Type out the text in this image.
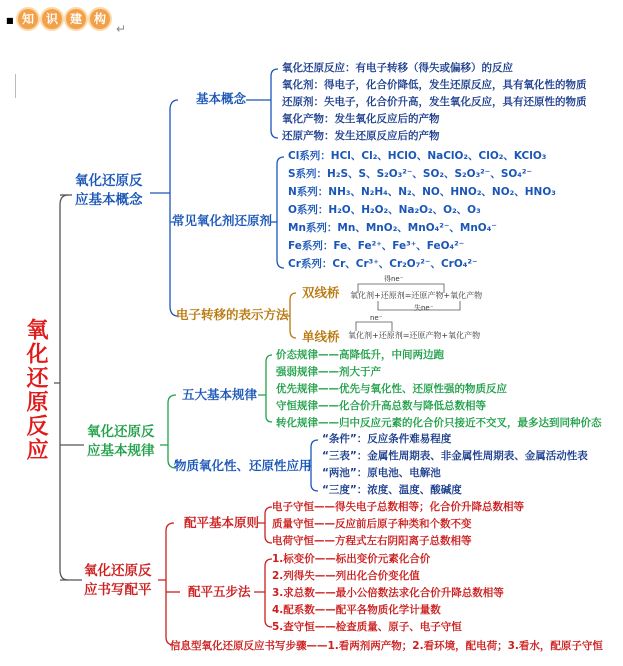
■ 知 识 建 构
↵
氧化还原反应
氧化还原反
应基本概念
基本概念
氧化还原反应：有电子转移（得失或偏移）的反应
氧化剂：得电子，化合价降低，发生还原反应，具有氧化性的物质
还原剂：失电子，化合价升高，发生氧化反应，具有还原性的物质
氧化产物：发生氧化反应后的产物
还原产物：发生还原反应后的产物
常见氧化剂还原剂
Cl系列：HCl、Cl₂、HClO、NaClO₂、ClO₂、KClO₃
S系列：H₂S、S、S₂O₃²⁻、SO₂、S₂O₃²⁻、SO₄²⁻
N系列：NH₃、N₂H₄、N₂、NO、HNO₂、NO₂、HNO₃
O系列：H₂O、H₂O₂、Na₂O₂、O₂、O₃
Mn系列：Mn、MnO₂、MnO₄²⁻、MnO₄⁻
Fe系列：Fe、Fe²⁺、Fe³⁺、FeO₄²⁻
Cr系列：Cr、Cr³⁺、Cr₂O₇²⁻、CrO₄²⁻
电子转移的表示方法
双线桥
得ne⁻
氧化剂+还原剂=还原产物+氧化产物
失ne⁻
单线桥
ne⁻
氧化剂+还原剂=还原产物+氧化产物
氧化还原反
应基本规律
五大基本规律
价态规律——高降低升，中间两边跑
强弱规律——剂大于产
优先规律——优先与氧化性、还原性强的物质反应
守恒规律——化合价升高总数与降低总数相等
转化规律——归中反应元素的化合价只接近不交叉，最多达到同种价态
物质氧化性、还原性应用
“条件”：反应条件难易程度
“三表”：金属性周期表、非金属性周期表、金属活动性表
“两池”：原电池、电解池
“三度”：浓度、温度、酸碱度
氧化还原反
应书写配平
配平基本原则
电子守恒——得失电子总数相等；化合价升降总数相等
质量守恒——反应前后原子种类和个数不变
电荷守恒——方程式左右阴阳离子总数相等
配平五步法
1.标变价——标出变价元素化合价
2.列得失——列出化合价变化值
3.求总数——最小公倍数法求化合价升降总数相等
4.配系数——配平各物质化学计量数
5.查守恒——检查质量、原子、电子守恒
信息型氧化还原反应书写步骤——1.看两剂两产物；2.看环境，配电荷；3.看水，配原子守恒
